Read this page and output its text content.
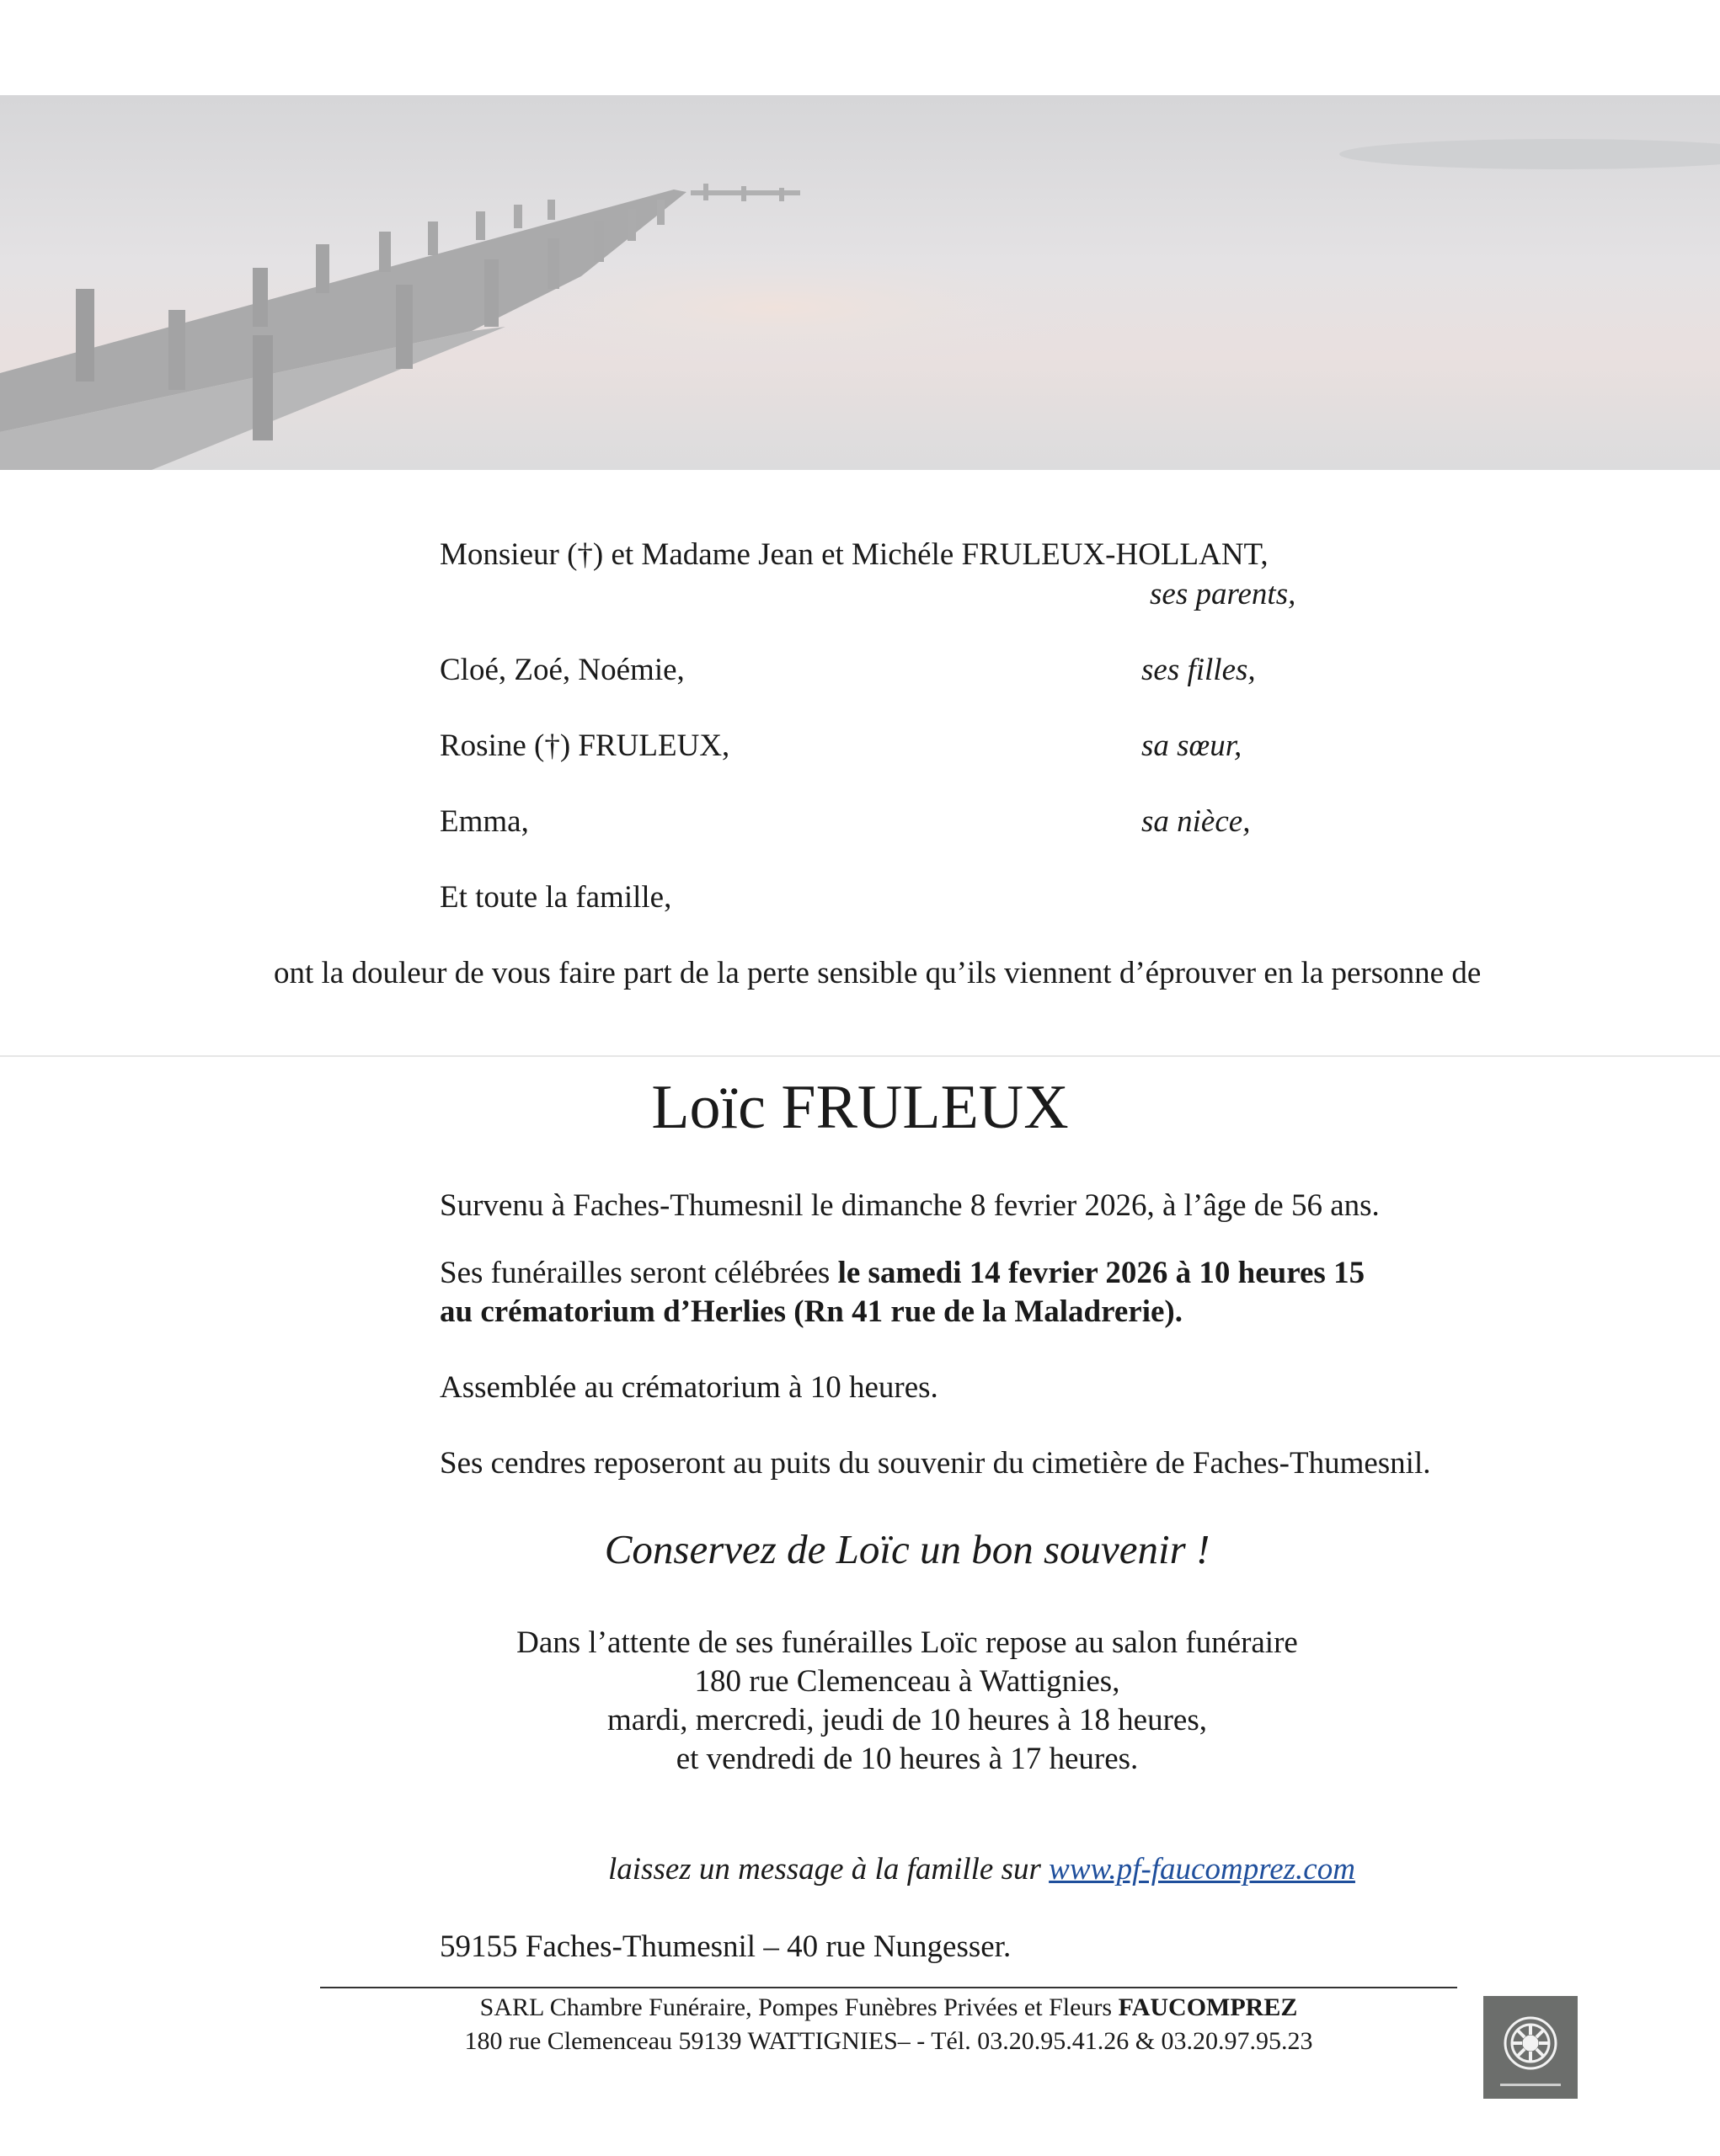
Monsieur (†) et Madame Jean et Michéle FRULEUX-HOLLANT,
ses parents,
Cloé, Zoé, Noémie,	ses filles,
Rosine (†) FRULEUX,	sa sœur,
Emma,	sa nièce,
Et toute la famille,
ont la douleur de vous faire part de la perte sensible qu’ils viennent d’éprouver en la personne de
Loïc FRULEUX
Survenu à Faches-Thumesnil le dimanche 8 fevrier 2026, à l’âge de 56 ans.
Ses funérailles seront célébrées le samedi 14 fevrier 2026 à 10 heures 15
au crématorium d’Herlies (Rn 41 rue de la Maladrerie).
Assemblée au crématorium à 10 heures.
Ses cendres reposeront au puits du souvenir du cimetière de Faches-Thumesnil.
Conservez de Loïc un bon souvenir !
Dans l’attente de ses funérailles Loïc repose au salon funéraire
180 rue Clemenceau à Wattignies,
mardi, mercredi, jeudi de 10 heures à 18 heures,
et vendredi de 10 heures à 17 heures.
laissez un message à la famille sur www.pf-faucomprez.com
59155 Faches-Thumesnil – 40 rue Nungesser.
SARL Chambre Funéraire, Pompes Funèbres Privées et Fleurs FAUCOMPREZ
180 rue Clemenceau 59139 WATTIGNIES– - Tél. 03.20.95.41.26 & 03.20.97.95.23
